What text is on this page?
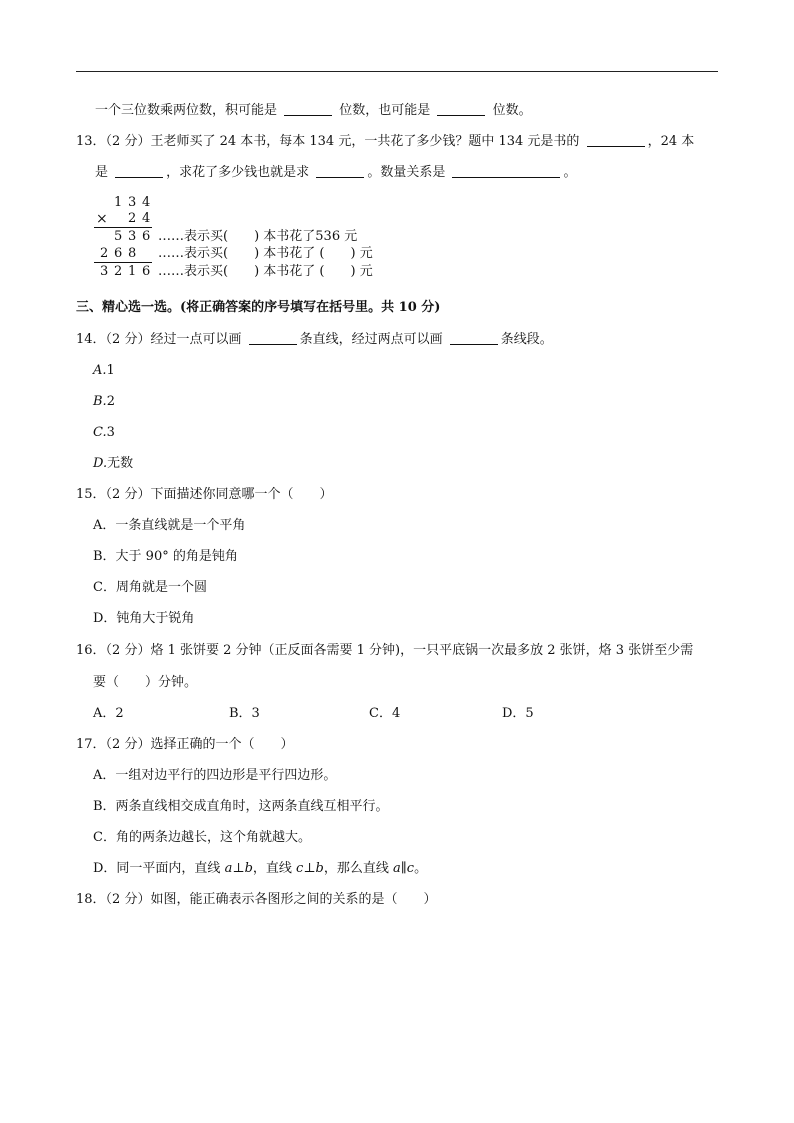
一个三位数乘两位数，积可能是	位数，也可能是	位数。
13．（2 分）王老师买了 24 本书，每本 134 元，一共花了多少钱？题中 134 元是书的	，24 本
是	，求花了多少钱也就是求	。数量关系是	。
1 3 4
× 2 4
5 3 6 ……表示买( ) 本书花了536 元
2 6 8 ……表示买( ) 本书花了 ( ) 元
3 2 1 6 ……表示买( ) 本书花了 ( ) 元
三、精心选一选。(将正确答案的序号填写在括号里。共 10 分)
14．（2 分）经过一点可以画	条直线，经过两点可以画	条线段。
A.1
B.2
C.3
D.无数
15．（2 分）下面描述你同意哪一个（　　）
A．一条直线就是一个平角
B．大于 90° 的角是钝角
C．周角就是一个圆
D．钝角大于锐角
16．（2 分）烙 1 张饼要 2 分钟（正反面各需要 1 分钟)，一只平底锅一次最多放 2 张饼，烙 3 张饼至少需
要（　　）分钟。
A．2	B．3	C．4	D．5
17．（2 分）选择正确的一个（　　）
A．一组对边平行的四边形是平行四边形。
B．两条直线相交成直角时，这两条直线互相平行。
C．角的两条边越长，这个角就越大。
D．同一平面内，直线 a⊥b，直线 c⊥b，那么直线 a∥c。
18．（2 分）如图，能正确表示各图形之间的关系的是（　　）
